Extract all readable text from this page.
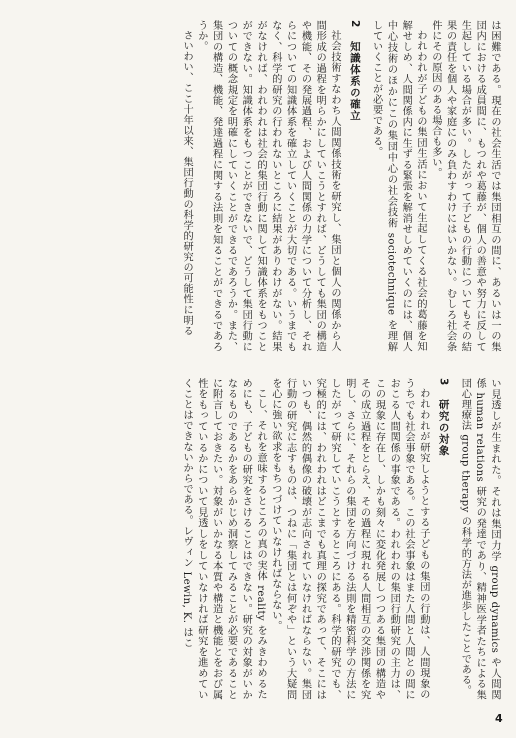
は困難である。現在の社会生活では集団相互の間に、あるいは一の集団内における成員間に、もつれや葛藤が、個人の善意や努力に反して生起している場合が多い。したがって子どもの行動についてもその結果の責任を個人や家庭にのみ負わすわけにはいかない。むしろ社会条件にその原因のある場合も多い。

われわれが子どもの集団生活において生起してくる社会的葛藤を知解せしめ、人間関係内に生ずる緊張を解消せしめていくのには、個人中心技術のほかにこの集団中心の社会技術 sociotechnique を理解していくことが必要である。

2知識体系の確立

社会技術すなわち人間関係技術を研究し、集団と個人の関係から人間形成の過程を明らかにしていこうとすれば、どうしても集団の構造や機能、その発展過程、および人間関係の力学について分析し、それらについての知識体系を確立していくことが大切である。いうまでもなく、科学的研究の行われないところに結果がありわけがない。結果がなければ、われわれは社会的集団行動に関して知識体系をもつことができない。知識体系をもつことができないで、どうして集団行動についての概念規定を明確にしていくことができるであろうか。また、集団の構造、機能、発達過程に関する法則を知ることができるであろうか。

さいわい、ここ十年以来、集団行動の科学的研究の可能性に明る

い見透しが生まれた。それは集団力学 group dynamics や人間関係 human relations 研究の発達であり、精神医学者たちによる集団心理療法 group therapy の科学的方法が進歩したことである。

3研究の対象

われわれが研究しようとする子どもの集団の行動は、人間現象のうちでも社会事象である。この社会事象はまた人間と人間との間におこる人間関係の事象である。われわれの集団行動研究の主力は、この現象に存在し、しかも刻々に変化発展しつつある集団の構造やその成立過程をとらえ、その過程に現れる人間相互の交渉関係を究明し、さらに、それらの集団を方向づける法則を精密科学の方法にしたがって研究していこうとするところにある。科学的研究でも、究極的には、われわれはどこまでも真理の探究であって、そこにはいつも、偶然的偶像の破壊が志向されていなければならない。集団行動の研究に志すものは、つねに「集団とは何ぞや」という大疑問を心に強い欲求をもちつづけていなければならない。

こし、それを意味するところの真の実体 reality をみきわめるためにも、子どもの研究をさけることはできない。研究の対象がいかなるものであるかをあらかじめ洞察してみることが必要であることに附言しておきたい。対象がいかなる本質や構造と機能とをおび属性をもっているかについて見透しをしていなければ研究を進めていくことはできないからである。レヴィン Lewin, K. はこ

4
